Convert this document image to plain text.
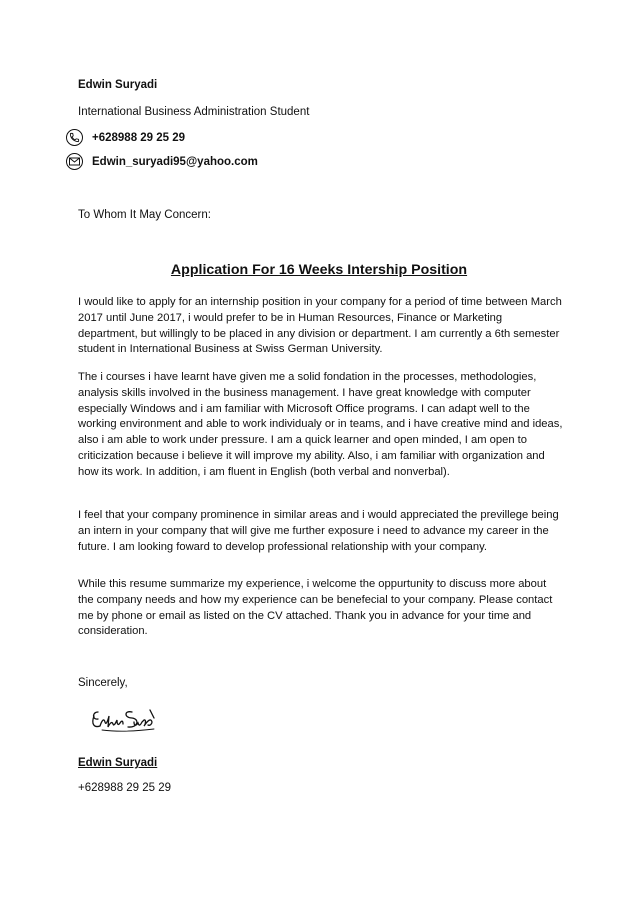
Edwin Suryadi
International Business Administration Student
+628988 29 25 29
Edwin_suryadi95@yahoo.com
To Whom It May Concern:
Application For 16 Weeks Intership Position

I would like to apply for an internship position in your company for a period of time between March 2017 until June 2017, i would prefer to be in Human Resources, Finance or Marketing department, but willingly to be placed in any division or department. I am currently a 6th semester student in International Business at Swiss German University.

The i courses i have learnt have given me a solid fondation in the processes, methodologies, analysis skills involved in the business management. I have great knowledge with computer especially Windows and i am familiar with Microsoft Office programs. I can adapt well to the working environment and able to work individualy or in teams, and i have creative mind and ideas, also i am able to work under pressure. I am a quick learner and open minded, I am open to criticization because i believe it will improve my ability. Also, i am familiar with organization and how its work. In addition, i am fluent in English (both verbal and nonverbal).

I feel that your company prominence in similar areas and i would appreciated the previllege being an intern in your company that will give me further exposure i need to advance my career in the future. I am looking foward to develop professional relationship with your company.

While this resume summarize my experience, i welcome the oppurtunity to discuss more about the company needs and how my experience can be benefecial to your company. Please contact me by phone or email as listed on the CV attached. Thank you in advance for your time and consideration.

Sincerely,
Edwin Suryadi
+628988 29 25 29
